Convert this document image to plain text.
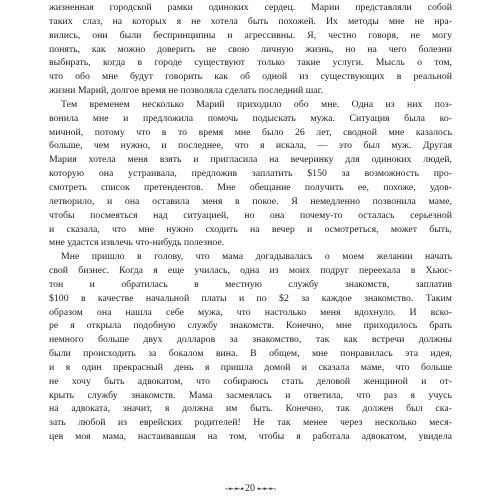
жизненная городской рамки одиноких сердец. Марии представляли собой
таких слаз, на которых я не хотела быть похожей. Их методы мне не нра-
вились, они были беспринципны и агрессивны. Я, честно говоря, не могу
понять, как можно доверить не свою личную жизнь, но на чего болезни
выбирать, когда в городе существуют только такие услуги. Мысль о том,
что обо мне будут говорить как об одной из существующих в реальной
жизни Марий, долгое время не позволяла сделать последний шаг.
Тем временем несколько Марий приходило обо мне. Одна из них поз-
вонила мне и предложила помочь подыскать мужа. Ситуация была ко-
мичной, потому что в то время мне было 26 лет, сводной мне казалось
больше, чем нужно, и последнее, что я искала, — это был муж. Другая
Мария хотела меня взять и пригласила на вечеринку для одиноких людей,
которую она устраивала, предложив заплатить $150 за возможность про-
смотреть список претендентов. Мне обещание получить ее, похоже, удов-
летворило, и она оставила меня в покое. Я немедленно позвонила маме,
чтобы посмеяться над ситуацией, но она почему-то осталась серьезной
и сказала, что мне нужно сходить на вечер и осмотреться, может быть,
мне удастся извлечь что-нибудь полезное.
Мне пришло в голову, что мама догадывалась о моем желании начать
свой бизнес. Когда я еще училась, одна из моих подруг переехала в Хьюс-
тон и обратилась в местную службу знакомств, заплатив
$100 в качестве начальной платы и по $2 за каждое знакомство. Таким
образом она нашла себе мужа, что настолько меня вдохнуло. И вско-
ре я открыла подобную службу знакомств. Конечно, мне приходилось брать
немного больше двух долларов за знакомство, так как встречи должны
были происходить за бокалом вина. В общем, мне понравилась эта идея,
и я один прекрасный день я пришла домой и сказала маме, что больше
не хочу быть адвокатом, что собираюсь стать деловой женщиной и от-
крыть службу знакомств. Мама засмеялась и ответила, что раз я учусь
на адвоката, значит, я должна им быть. Конечно, так должен был ска-
зать любой из еврейских родителей! Не так менее через несколько меся-
цев моя мама, настаивавшая на том, чтобы я работала адвокатом, увидела
~•~•~• 20 •~•~•~
